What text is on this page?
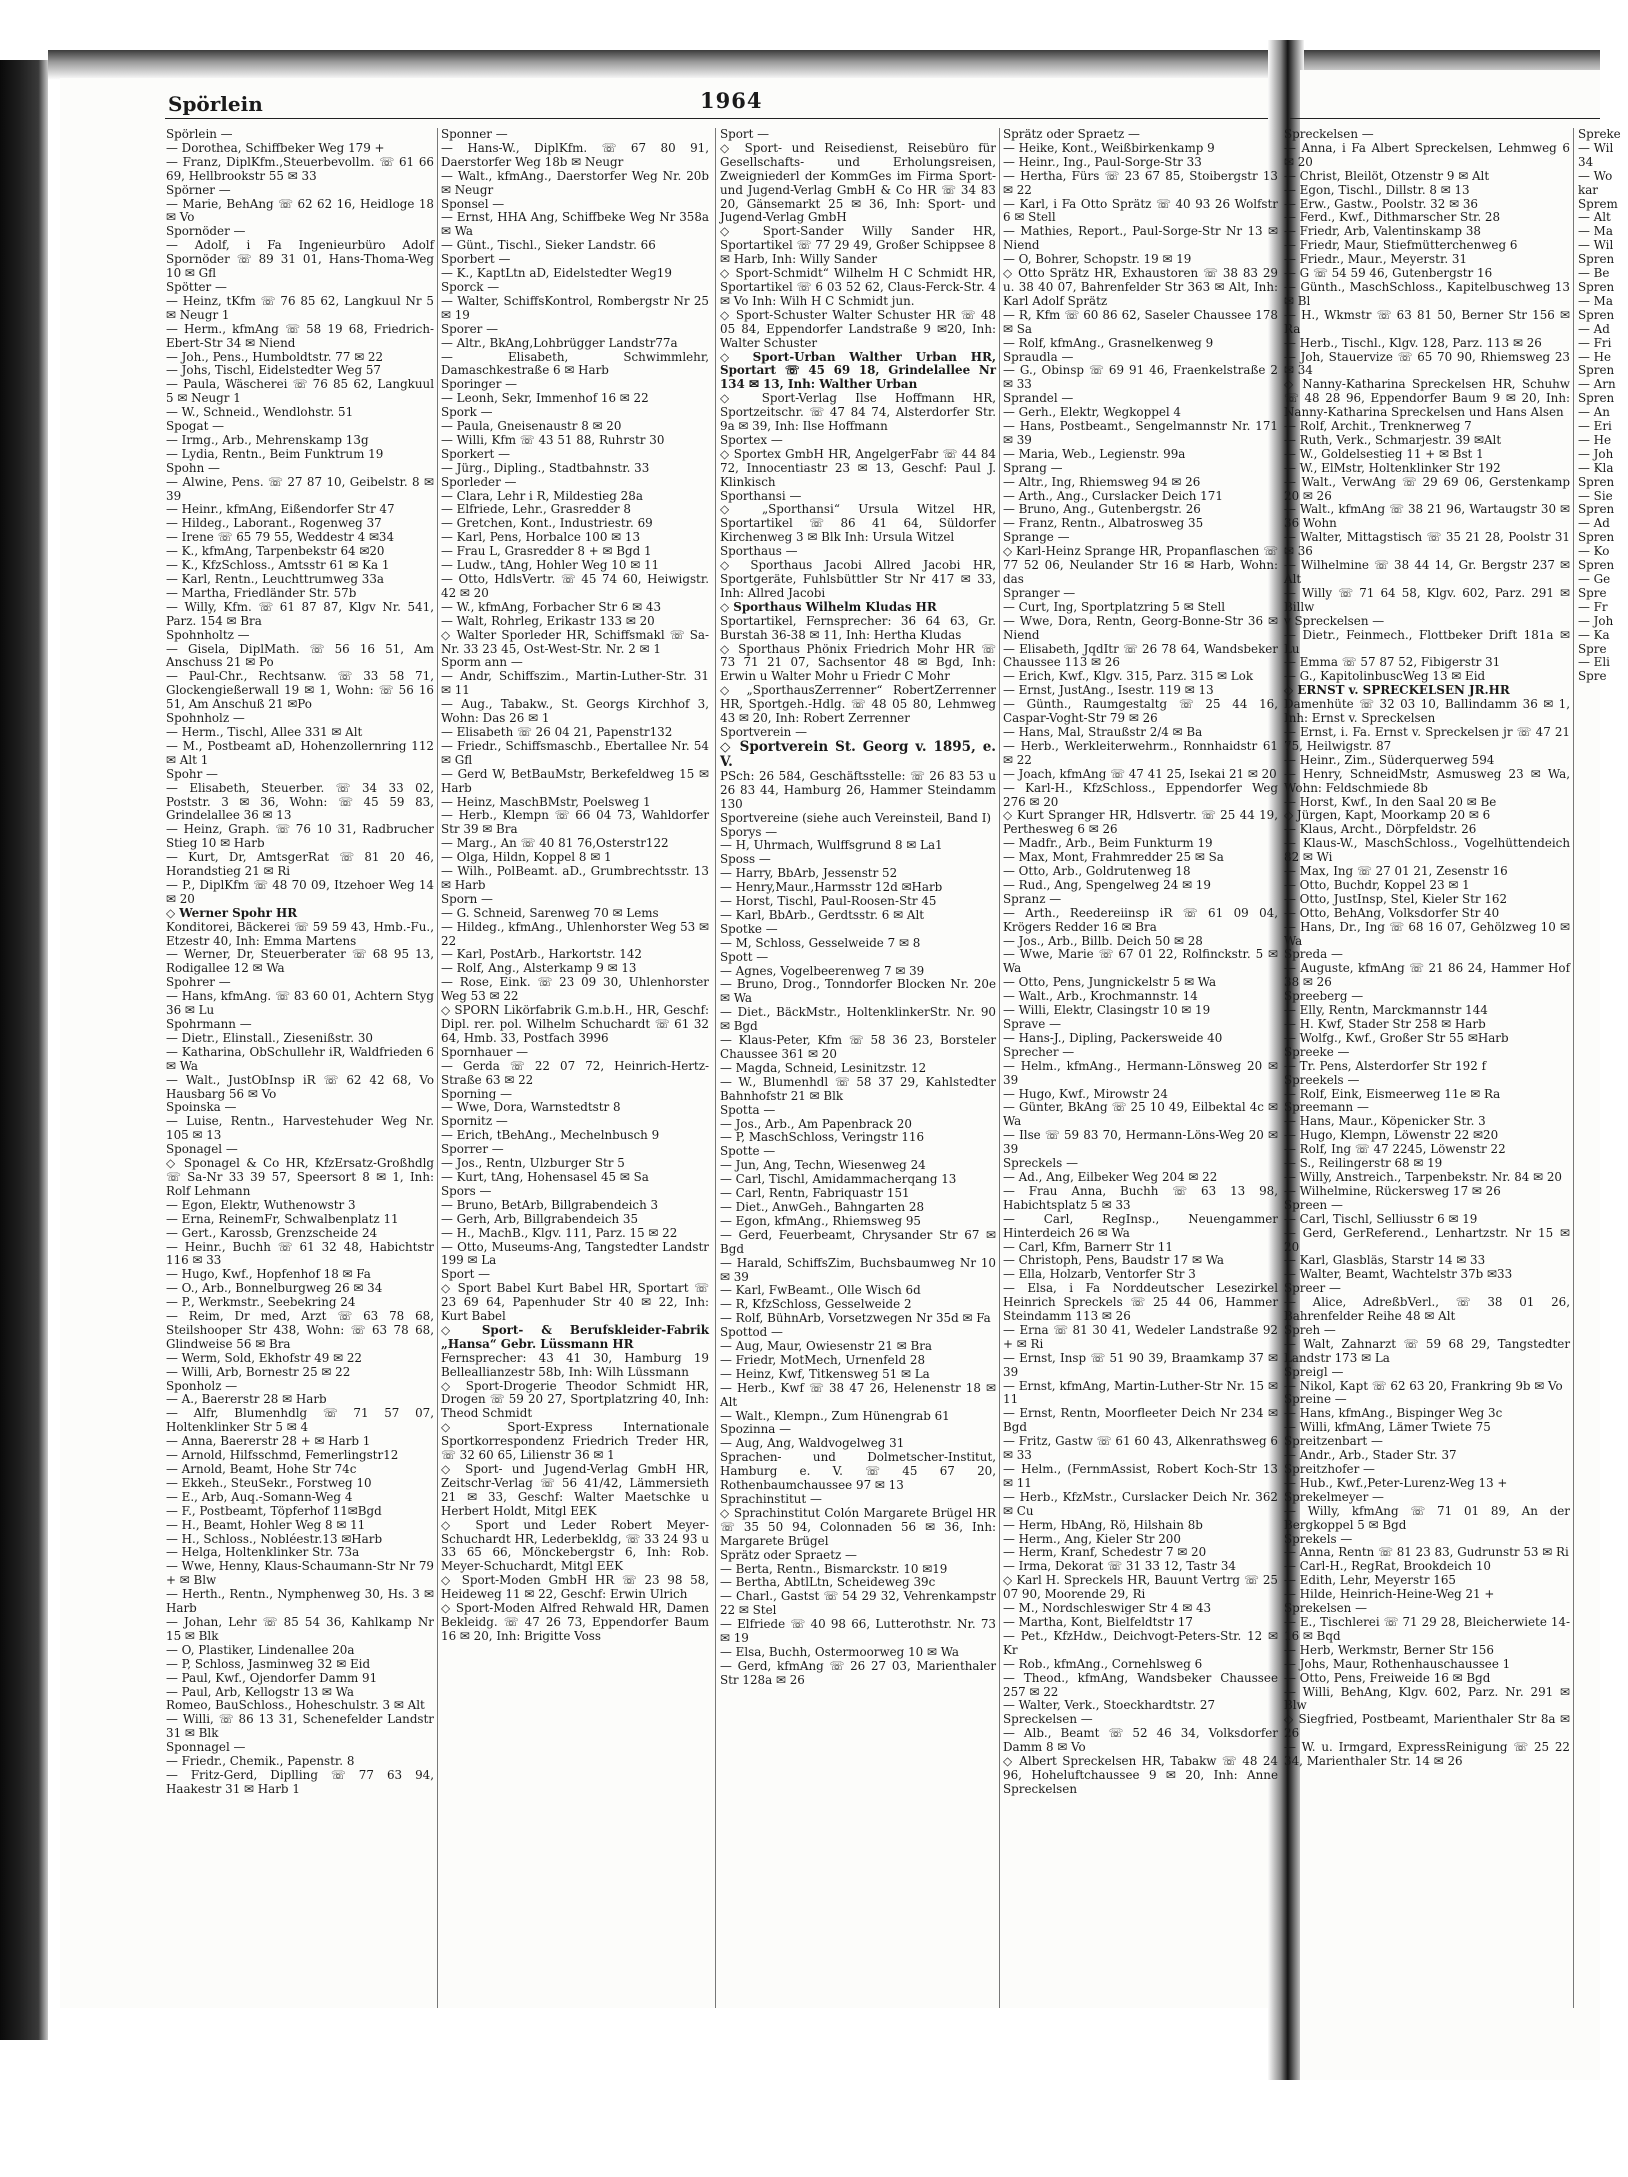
Spörlein	1964

Spörlein —

— Dorothea, Schiffbeker Weg 179 +

— Franz, DiplKfm.,Steuerbevollm. ☏ 61 66 69, Hellbrookstr 55 ✉ 33

Spörner —

— Marie, BehAng ☏ 62 62 16, Heidloge 18 ✉ Vo

Spornöder —

— Adolf, i Fa Ingenieurbüro Adolf Spornöder ☏ 89 31 01, Hans-Thoma-Weg 10 ✉ Gfl

Spötter —

— Heinz, tKfm ☏ 76 85 62, Langkuul Nr 5 ✉ Neugr 1

— Herm., kfmAng ☏ 58 19 68, Friedrich-Ebert-Str 34 ✉ Niend

— Joh., Pens., Humboldtstr. 77 ✉ 22

— Johs, Tischl, Eidelstedter Weg 57

— Paula, Wäscherei ☏ 76 85 62, Langkuul 5 ✉ Neugr 1

— W., Schneid., Wendlohstr. 51

Spogat —

— Irmg., Arb., Mehrenskamp 13g

— Lydia, Rentn., Beim Funktrum 19

Spohn —

— Alwine, Pens. ☏ 27 87 10, Geibelstr. 8 ✉ 39

— Heinr., kfmAng, Eißendorfer Str 47

— Hildeg., Laborant., Rogenweg 37

— Irene ☏ 65 79 55, Weddestr 4 ✉34

— K., kfmAng, Tarpenbekstr 64 ✉20

— K., KfzSchloss., Amtsstr 61 ✉ Ka 1

— Karl, Rentn., Leuchttrumweg 33a

— Martha, Friedländer Str. 57b

— Willy, Kfm. ☏ 61 87 87, Klgv Nr. 541, Parz. 154 ✉ Bra

Spohnholtz —

— Gisela, DiplMath. ☏ 56 16 51, Am Anschuss 21 ✉ Po

— Paul-Chr., Rechtsanw. ☏ 33 58 71, Glockengießerwall 19 ✉ 1, Wohn: ☏ 56 16 51, Am Anschuß 21 ✉Po

Spohnholz —

— Herm., Tischl, Allee 331 ✉ Alt

— M., Postbeamt aD, Hohenzollernring 112 ✉ Alt 1

Spohr —

— Elisabeth, Steuerber. ☏ 34 33 02, Poststr. 3 ✉ 36, Wohn: ☏ 45 59 83, Grindelallee 36 ✉ 13

— Heinz, Graph. ☏ 76 10 31, Radbrucher Stieg 10 ✉ Harb

— Kurt, Dr, AmtsgerRat ☏ 81 20 46, Horandstieg 21 ✉ Ri

— P., DiplKfm ☏ 48 70 09, Itzehoer Weg 14 ✉ 20

◇ Werner Spohr HR

Konditorei, Bäckerei ☏ 59 59 43, Hmb.-Fu., Etzestr 40, Inh: Emma Martens

— Werner, Dr, Steuerberater ☏ 68 95 13, Rodigallee 12 ✉ Wa

Spohrer —

— Hans, kfmAng. ☏ 83 60 01, Achtern Styg 36 ✉ Lu

Spohrmann —

— Dietr., Elinstall., Ziesenißstr. 30

— Katharina, ObSchullehr iR, Waldfrieden 6 ✉ Wa

— Walt., JustObInsp iR ☏ 62 42 68, Vo Hausbarg 56 ✉ Vo

Spoinska —

— Luise, Rentn., Harvestehuder Weg Nr. 105 ✉ 13

Sponagel —

◇ Sponagel & Co HR, KfzErsatz-Großhdlg ☏ Sa-Nr 33 39 57, Speersort 8 ✉ 1, Inh: Rolf Lehmann

— Egon, Elektr, Wuthenowstr 3

— Erna, ReinemFr, Schwalbenplatz 11

— Gert., Karossb, Grenzscheide 24

— Heinr., Buchh ☏ 61 32 48, Habichtstr 116 ✉ 33

— Hugo, Kwf., Hopfenhof 18 ✉ Fa

— O., Arb., Bonnelburgweg 26 ✉ 34

— P., Werkmstr., Seebekring 24

— Reim, Dr med, Arzt ☏ 63 78 68, Steilshooper Str 438, Wohn: ☏ 63 78 68, Glindweise 56 ✉ Bra

— Werm, Sold, Ekhofstr 49 ✉ 22

— Willi, Arb, Bornestr 25 ✉ 22

Sponholz —

— A., Baererstr 28 ✉ Harb

— Alfr, Blumenhdlg ☏ 71 57 07, Holtenklinker Str 5 ✉ 4

— Anna, Baererstr 28 + ✉ Harb 1

— Arnold, Hilfsschmd, Femerlingstr12

— Arnold, Beamt, Hohe Str 74c

— Ekkeh., SteuSekr., Forstweg 10

— E., Arb, Auq.-Somann-Weg 4

— F., Postbeamt, Töpferhof 11✉Bgd

— H., Beamt, Hohler Weg 8 ✉ 11

— H., Schloss., Nobléestr.13 ✉Harb

— Helga, Holtenklinker Str. 73a

— Wwe, Henny, Klaus-Schaumann-Str Nr 79 + ✉ Blw

— Herth., Rentn., Nymphenweg 30, Hs. 3 ✉ Harb

— Johan, Lehr ☏ 85 54 36, Kahlkamp Nr 15 ✉ Blk

— O, Plastiker, Lindenallee 20a

— P, Schloss, Jasminweg 32 ✉ Eid

— Paul, Kwf., Ojendorfer Damm 91

— Paul, Arb, Kellogstr 13 ✉ Wa

Romeo, BauSchloss., Hoheschulstr. 3 ✉ Alt

— Willi, ☏ 86 13 31, Schenefelder Landstr 31 ✉ Blk

Sponnagel —

— Friedr., Chemik., Papenstr. 8

— Fritz-Gerd, Diplling ☏ 77 63 94, Haakestr 31 ✉ Harb 1

Sponner —

— Hans-W., DiplKfm. ☏ 67 80 91, Daerstorfer Weg 18b ✉ Neugr

— Walt., kfmAng., Daerstorfer Weg Nr. 20b ✉ Neugr

Sponsel —

— Ernst, HHA Ang, Schiffbeke Weg Nr 358a ✉ Wa

— Günt., Tischl., Sieker Landstr. 66

Sporbert —

— K., KaptLtn aD, Eidelstedter Weg19

Sporck —

— Walter, SchiffsKontrol, Rombergstr Nr 25 ✉ 19

Sporer —

— Altr., BkAng,Lohbrügger Landstr77a

— Elisabeth, Schwimmlehr, Damaschkestraße 6 ✉ Harb

Sporinger —

— Leonh, Sekr, Immenhof 16 ✉ 22

Spork —

— Paula, Gneisenaustr 8 ✉ 20

— Willi, Kfm ☏ 43 51 88, Ruhrstr 30

Sporkert —

— Jürg., Dipling., Stadtbahnstr. 33

Sporleder —

— Clara, Lehr i R, Mildestieg 28a

— Elfriede, Lehr., Grasredder 8

— Gretchen, Kont., Industriestr. 69

— Karl, Pens, Horbalce 100 ✉ 13

— Frau L, Grasredder 8 + ✉ Bgd 1

— Ludw., tAng, Hohler Weg 10 ✉ 11

— Otto, HdlsVertr. ☏ 45 74 60, Heiwigstr. 42 ✉ 20

— W., kfmAng, Forbacher Str 6 ✉ 43

— Walt, Rohrleg, Erikastr 133 ✉ 20

◇ Walter Sporleder HR, Schiffsmakl ☏ Sa-Nr. 33 23 45, Ost-West-Str. Nr. 2 ✉ 1

Sporm ann —

— Andr, Schiffszim., Martin-Luther-Str. 31 ✉ 11

— Aug., Tabakw., St. Georgs Kirchhof 3, Wohn: Das 26 ✉ 1

— Elisabeth ☏ 26 04 21, Papenstr132

— Friedr., Schiffsmaschb., Ebertallee Nr. 54 ✉ Gfl

— Gerd W, BetBauMstr, Berkefeldweg 15 ✉ Harb

— Heinz, MaschBMstr, Poelsweg 1

— Herb., Klempn ☏ 66 04 73, Wahldorfer Str 39 ✉ Bra

— Marg., An ☏ 40 81 76,Osterstr122

— Olga, Hildn, Koppel 8 ✉ 1

— Wilh., PolBeamt. aD., Grumbrechtsstr. 13 ✉ Harb

Sporn —

— G. Schneid, Sarenweg 70 ✉ Lems

— Hildeg., kfmAng., Uhlenhorster Weg 53 ✉ 22

— Karl, PostArb., Harkortstr. 142

— Rolf, Ang., Alsterkamp 9 ✉ 13

— Rose, Eink. ☏ 23 09 30, Uhlenhorster Weg 53 ✉ 22

◇ SPORN Likörfabrik G.m.b.H., HR, Geschf: Dipl. rer. pol. Wilhelm Schuchardt ☏ 61 32 64, Hmb. 33, Postfach 3996

Spornhauer —

— Gerda ☏ 22 07 72, Heinrich-Hertz-Straße 63 ✉ 22

Sporning —

— Wwe, Dora, Warnstedtstr 8

Spornitz —

— Erich, tBehAng., Mechelnbusch 9

Sporrer —

— Jos., Rentn, Ulzburger Str 5

— Kurt, tAng, Hohensasel 45 ✉ Sa

Spors —

— Bruno, BetArb, Billgrabendeich 3

— Gerh, Arb, Billgrabendeich 35

— H., MachB., Klgv. 111, Parz. 15 ✉ 22

— Otto, Museums-Ang, Tangstedter Landstr 199 ✉ La

Sport —

◇ Sport Babel Kurt Babel HR, Sportart ☏ 23 69 64, Papenhuder Str 40 ✉ 22, Inh: Kurt Babel

◇ Sport- & Berufskleider-Fabrik „Hansa“ Gebr. Lüssmann HR

Fernsprecher: 43 41 30, Hamburg 19 Belleallianzestr 58b, Inh: Wilh Lüssmann

◇ Sport-Drogerie Theodor Schmidt HR, Drogen ☏ 59 20 27, Sportplatzring 40, Inh: Theod Schmidt

◇ Sport-Express Internationale Sportkorrespondenz Friedrich Treder HR, ☏ 32 60 65, Lilienstr 36 ✉ 1

◇ Sport- und Jugend-Verlag GmbH HR, Zeitschr-Verlag ☏ 56 41/42, Lämmersieth 21 ✉ 33, Geschf: Walter Maetschke u Herbert Holdt, Mitgl EEK

◇ Sport und Leder Robert Meyer-Schuchardt HR, Lederbekldg, ☏ 33 24 93 u 33 65 66, Mönckebergstr 6, Inh: Rob. Meyer-Schuchardt, Mitgl EEK

◇ Sport-Moden GmbH HR ☏ 23 98 58, Heideweg 11 ✉ 22, Geschf: Erwin Ulrich

◇ Sport-Moden Alfred Rehwald HR, Damen Bekleidg. ☏ 47 26 73, Eppendorfer Baum 16 ✉ 20, Inh: Brigitte Voss

Sport —

◇ Sport- und Reisedienst, Reisebüro für Gesellschafts- und Erholungsreisen, Zweigniederl der KommGes im Firma Sport- und Jugend-Verlag GmbH & Co HR ☏ 34 83 20, Gänsemarkt 25 ✉ 36, Inh: Sport- und Jugend-Verlag GmbH

◇ Sport-Sander Willy Sander HR, Sportartikel ☏ 77 29 49, Großer Schippsee 8 ✉ Harb, Inh: Willy Sander

◇ Sport-Schmidt“ Wilhelm H C Schmidt HR, Sportartikel ☏ 6 03 52 62, Claus-Ferck-Str. 4 ✉ Vo Inh: Wilh H C Schmidt jun.

◇ Sport-Schuster Walter Schuster HR ☏ 48 05 84, Eppendorfer Landstraße 9 ✉20, Inh: Walter Schuster

◇ Sport-Urban Walther Urban HR, Sportart ☏ 45 69 18, Grindelallee Nr 134 ✉ 13, Inh: Walther Urban

◇ Sport-Verlag Ilse Hoffmann HR, Sportzeitschr. ☏ 47 84 74, Alsterdorfer Str. 9a ✉ 39, Inh: Ilse Hoffmann

Sportex —

◇ Sportex GmbH HR, AngelgerFabr ☏ 44 84 72, Innocentiastr 23 ✉ 13, Geschf: Paul J. Klinkisch

Sporthansi —

◇ „Sporthansi“ Ursula Witzel HR, Sportartikel ☏ 86 41 64, Süldorfer Kirchenweg 3 ✉ Blk Inh: Ursula Witzel

Sporthaus —

◇ Sporthaus Jacobi Allred Jacobi HR, Sportgeräte, Fuhlsbüttler Str Nr 417 ✉ 33, Inh: Allred Jacobi

◇ Sporthaus Wilhelm Kludas HR

Sportartikel, Fernsprecher: 36 64 63, Gr. Burstah 36-38 ✉ 11, Inh: Hertha Kludas

◇ Sporthaus Phönix Friedrich Mohr HR ☏ 73 71 21 07, Sachsentor 48 ✉ Bgd, Inh: Erwin u Walter Mohr u Friedr C Mohr

◇ „SporthausZerrenner“ RobertZerrenner HR, Sportgeh.-Hdlg. ☏ 48 05 80, Lehmweg 43 ✉ 20, Inh: Robert Zerrenner

Sportverein —

◇ Sportverein St. Georg v. 1895, e. V.

PSch: 26 584, Geschäftsstelle: ☏ 26 83 53 u 26 83 44, Hamburg 26, Hammer Steindamm 130

Sportvereine (siehe auch Vereinsteil, Band I)

Sporys —

— H, Uhrmach, Wulffsgrund 8 ✉ La1

Sposs —

— Harry, BbArb, Jessenstr 52

— Henry,Maur.,Harmsstr 12d ✉Harb

— Horst, Tischl, Paul-Roosen-Str 45

— Karl, BbArb., Gerdtsstr. 6 ✉ Alt

Spotke —

— M, Schloss, Gesselweide 7 ✉ 8

Spott —

— Agnes, Vogelbeerenweg 7 ✉ 39

— Bruno, Drog., Tonndorfer Blocken Nr. 20e ✉ Wa

— Diet., BäckMstr., HoltenklinkerStr. Nr. 90 ✉ Bgd

— Klaus-Peter, Kfm ☏ 58 36 23, Borsteler Chaussee 361 ✉ 20

— Magda, Schneid, Lesinitzstr. 12

— W., Blumenhdl ☏ 58 37 29, Kahlstedter Bahnhofstr 21 ✉ Blk

Spotta —

— Jos., Arb., Am Papenbrack 20

— P, MaschSchloss, Veringstr 116

Spotte —

— Jun, Ang, Techn, Wiesenweg 24

— Carl, Tischl, Amidammacherqang 13

— Carl, Rentn, Fabriquastr 151

— Diet., AnwGeh., Bahngarten 28

— Egon, kfmAng., Rhiemsweg 95

— Gerd, Feuerbeamt, Chrysander Str 67 ✉ Bgd

— Harald, SchiffsZim, Buchsbaumweg Nr 10 ✉ 39

— Karl, FwBeamt., Olle Wisch 6d

— R, KfzSchloss, Gesselweide 2

— Rolf, BühnArb, Vorsetzwegen Nr 35d ✉ Fa

Spottod —

— Aug, Maur, Owiesenstr 21 ✉ Bra

— Friedr, MotMech, Urnenfeld 28

— Heinz, Kwf, Titkensweg 51 ✉ La

— Herb., Kwf ☏ 38 47 26, Helenenstr 18 ✉ Alt

— Walt., Klempn., Zum Hünengrab 61

Spozinna —

— Aug, Ang, Waldvogelweg 31

Sprachen- und Dolmetscher-Institut, Hamburg e. V. ☏ 45 67 20, Rothenbaumchaussee 97 ✉ 13

Sprachinstitut —

◇ Sprachinstitut Colón Margarete Brügel HR ☏ 35 50 94, Colonnaden 56 ✉ 36, Inh: Margarete Brügel

Sprätz oder Spraetz —

— Berta, Rentn., Bismarckstr. 10 ✉19

— Bertha, AbtlLtn, Scheideweg 39c

— Charl., Gastst ☏ 54 29 32, Vehrenkampstr 22 ✉ Stel

— Elfriede ☏ 40 98 66, Lutterothstr. Nr. 73 ✉ 19

— Elsa, Buchh, Ostermoorweg 10 ✉ Wa

— Gerd, kfmAng ☏ 26 27 03, Marienthaler Str 128a ✉ 26

Sprätz oder Spraetz —

— Heike, Kont., Weißbirkenkamp 9

— Heinr., Ing., Paul-Sorge-Str 33

— Hertha, Fürs ☏ 23 67 85, Stoibergstr 13 ✉ 22

— Karl, i Fa Otto Sprätz ☏ 40 93 26 Wolfstr 6 ✉ Stell

— Mathies, Report., Paul-Sorge-Str Nr 13 ✉ Niend

— O, Bohrer, Schopstr. 19 ✉ 19

◇ Otto Sprätz HR, Exhaustoren ☏ 38 83 29 u. 38 40 07, Bahrenfelder Str 363 ✉ Alt, Inh: Karl Adolf Sprätz

— R, Kfm ☏ 60 86 62, Saseler Chaussee 178 ✉ Sa

— Rolf, kfmAng., Grasnelkenweg 9

Spraudla —

— G., Obinsp ☏ 69 91 46, Fraenkelstraße 2 ✉ 33

Sprandel —

— Gerh., Elektr, Wegkoppel 4

— Hans, Postbeamt., Sengelmannstr Nr. 171 ✉ 39

— Maria, Web., Legienstr. 99a

Sprang —

— Altr., Ing, Rhiemsweg 94 ✉ 26

— Arth., Ang., Curslacker Deich 171

— Bruno, Ang., Gutenbergstr. 26

— Franz, Rentn., Albatrosweg 35

Sprange —

◇ Karl-Heinz Sprange HR, Propanflaschen ☏ 77 52 06, Neulander Str 16 ✉ Harb, Wohn: das

Spranger —

— Curt, Ing, Sportplatzring 5 ✉ Stell

— Wwe, Dora, Rentn, Georg-Bonne-Str 36 ✉ Niend

— Elisabeth, JqdItr ☏ 26 78 64, Wandsbeker Chaussee 113 ✉ 26

— Erich, Kwf., Klgv. 315, Parz. 315 ✉ Lok

— Ernst, JustAng., Isestr. 119 ✉ 13

— Günth., Raumgestaltg ☏ 25 44 16, Caspar-Voght-Str 79 ✉ 26

— Hans, Mal, Straußstr 2/4 ✉ Ba

— Herb., Werkleiterwehrm., Ronnhaidstr 61 ✉ 22

— Joach, kfmAng ☏ 47 41 25, Isekai 21 ✉ 20

— Karl-H., KfzSchloss., Eppendorfer Weg 276 ✉ 20

◇ Kurt Spranger HR, Hdlsvertr. ☏ 25 44 19, Perthesweg 6 ✉ 26

— Madfr., Arb., Beim Funkturm 19

— Max, Mont, Frahmredder 25 ✉ Sa

— Otto, Arb., Goldrutenweg 18

— Rud., Ang, Spengelweg 24 ✉ 19

Spranz —

— Arth., Reedereiinsp iR ☏ 61 09 04, Krögers Redder 16 ✉ Bra

— Jos., Arb., Billb. Deich 50 ✉ 28

— Wwe, Marie ☏ 67 01 22, Rolfinckstr. 5 ✉ Wa

— Otto, Pens, Jungnickelstr 5 ✉ Wa

— Walt., Arb., Krochmannstr. 14

— Willi, Elektr, Clasingstr 10 ✉ 19

Sprave —

— Hans-J., Dipling, Packersweide 40

Sprecher —

— Helm., kfmAng., Hermann-Lönsweg 20 ✉ 39

— Hugo, Kwf., Mirowstr 24

— Günter, BkAng ☏ 25 10 49, Eilbektal 4c ✉ Wa

— Ilse ☏ 59 83 70, Hermann-Löns-Weg 20 ✉ 39

Spreckels —

— Ad., Ang, Eilbeker Weg 204 ✉ 22

— Frau Anna, Buchh ☏ 63 13 98, Habichtsplatz 5 ✉ 33

— Carl, RegInsp., Neuengammer Hinterdeich 26 ✉ Wa

— Carl, Kfm, Barnerr Str 11

— Christoph, Pens, Baudstr 17 ✉ Wa

— Ella, Holzarb, Ventorfer Str 3

— Elsa, i Fa Norddeutscher Lesezirkel Heinrich Spreckels ☏ 25 44 06, Hammer Steindamm 113 ✉ 26

— Erna ☏ 81 30 41, Wedeler Landstraße 92 + ✉ Ri

— Ernst, Insp ☏ 51 90 39, Braamkamp 37 ✉ 39

— Ernst, kfmAng, Martin-Luther-Str Nr. 15 ✉ 11

— Ernst, Rentn, Moorfleeter Deich Nr 234 ✉ Bgd

— Fritz, Gastw ☏ 61 60 43, Alkenrathsweg 6 ✉ 33

— Helm., (FernmAssist, Robert Koch-Str 13 ✉ 11

— Herb., KfzMstr., Curslacker Deich Nr. 362 ✉ Cu

— Herm, HbAng, Rö, Hilshain 8b

— Herm., Ang, Kieler Str 200

— Herm, Kranf, Schedestr 7 ✉ 20

— Irma, Dekorat ☏ 31 33 12, Tastr 34

◇ Karl H. Spreckels HR, Bauunt Vertrg ☏ 25 07 90, Moorende 29, Ri

— M., Nordschleswiger Str 4 ✉ 43

— Martha, Kont, Bielfeldtstr 17

— Pet., KfzHdw., Deichvogt-Peters-Str. 12 ✉ Kr

— Rob., kfmAng., Cornehlsweg 6

— Theod., kfmAng, Wandsbeker Chaussee 257 ✉ 22

— Walter, Verk., Stoeckhardtstr. 27

Spreckelsen —

— Alb., Beamt ☏ 52 46 34, Volksdorfer Damm 8 ✉ Vo

◇ Albert Spreckelsen HR, Tabakw ☏ 48 24 96, Hoheluftchaussee 9 ✉ 20, Inh: Anne Spreckelsen

Spreckelsen —

— Anna, i Fa Albert Spreckelsen, Lehmweg 6 ✉ 20

— Christ, Bleilöt, Otzenstr 9 ✉ Alt

— Egon, Tischl., Dillstr. 8 ✉ 13

— Erw., Gastw., Poolstr. 32 ✉ 36

— Ferd., Kwf., Dithmarscher Str. 28

— Friedr, Arb, Valentinskamp 38

— Friedr, Maur, Stiefmütterchenweg 6

— Friedr., Maur., Meyerstr. 31

— G ☏ 54 59 46, Gutenbergstr 16

— Günth., MaschSchloss., Kapitelbuschweg 13 ✉ Bl

— H., Wkmstr ☏ 63 81 50, Berner Str 156 ✉ Ra

— Herb., Tischl., Klgv. 128, Parz. 113 ✉ 26

— Joh, Stauervize ☏ 65 70 90, Rhiemsweg 23 ✉ 34

◇ Nanny-Katharina Spreckelsen HR, Schuhw ☏ 48 28 96, Eppendorfer Baum 9 ✉ 20, Inh: Nanny-Katharina Spreckelsen und Hans Alsen

— Rolf, Archit., Trenknerweg 7

— Ruth, Verk., Schmarjestr. 39 ✉Alt

— W., Goldelsestieg 11 + ✉ Bst 1

— W., ElMstr, Holtenklinker Str 192

— Walt., VerwAng ☏ 29 69 06, Gerstenkamp 20 ✉ 26

— Walt., kfmAng ☏ 38 21 96, Wartaugstr 30 ✉ 36 Wohn

— Walter, Mittagstisch ☏ 35 21 28, Poolstr 31 ✉ 36

— Wilhelmine ☏ 38 44 14, Gr. Bergstr 237 ✉ Alt

— Willy ☏ 71 64 58, Klgv. 602, Parz. 291 ✉ Billw

v Spreckelsen —

— Dietr., Feinmech., Flottbeker Drift 181a ✉ Lu

— Emma ☏ 57 87 52, Fibigerstr 31

— G., KapitolinbuscWeg 13 ✉ Eid

◇ ERNST v. SPRECKELSEN JR.HR

Damenhüte ☏ 32 03 10, Ballindamm 36 ✉ 1, Inh: Ernst v. Spreckelsen

— Ernst, i. Fa. Ernst v. Spreckelsen jr ☏ 47 21 75, Heilwigstr. 87

— Heinr., Zim., Süderquerweg 594

— Henry, SchneidMstr, Asmusweg 23 ✉ Wa, Wohn: Feldschmiede 8b

— Horst, Kwf., In den Saal 20 ✉ Be

◇ Jürgen, Kapt, Moorkamp 20 ✉ 6

— Klaus, Archt., Dörpfeldstr. 26

— Klaus-W., MaschSchloss., Vogelhüttendeich 82 ✉ Wi

— Max, Ing ☏ 27 01 21, Zesenstr 16

— Otto, Buchdr, Koppel 23 ✉ 1

— Otto, JustInsp, Stel, Kieler Str 162

— Otto, BehAng, Volksdorfer Str 40

— Hans, Dr., Ing ☏ 68 16 07, Gehölzweg 10 ✉ Wa

Spreda —

— Auguste, kfmAng ☏ 21 86 24, Hammer Hof 38 ✉ 26

Spreeberg —

— Elly, Rentn, Marckmannstr 144

— H. Kwf, Stader Str 258 ✉ Harb

— Wolfg., Kwf., Großer Str 55 ✉Harb

Spreeke —

— Tr. Pens, Alsterdorfer Str 192 f

Spreekels —

— Rolf, Eink, Eismeerweg 11e ✉ Ra

Spreemann —

— Hans, Maur., Köpenicker Str. 3

— Hugo, Klempn, Löwenstr 22 ✉20

— Rolf, Ing ☏ 47 2245, Löwenstr 22

— S., Reilingerstr 68 ✉ 19

— Willy, Anstreich., Tarpenbekstr. Nr. 84 ✉ 20

— Wilhelmine, Rückersweg 17 ✉ 26

Spreen —

— Carl, Tischl, Selliusstr 6 ✉ 19

— Gerd, GerReferend., Lenhartzstr. Nr 15 ✉ 20

— Karl, Glasbläs, Starstr 14 ✉ 33

— Walter, Beamt, Wachtelstr 37b ✉33

Spreer —

— Alice, AdreßbVerl., ☏ 38 01 26, Bahrenfelder Reihe 48 ✉ Alt

Spreh —

— Walt, Zahnarzt ☏ 59 68 29, Tangstedter Landstr 173 ✉ La

Spreigl —

— Nikol, Kapt ☏ 62 63 20, Frankring 9b ✉ Vo

Spreine —

— Hans, kfmAng., Bispinger Weg 3c

— Willi, kfmAng, Lämer Twiete 75

Spreitzenbart —

— Andr., Arb., Stader Str. 37

Spreitzhofer —

— Hub., Kwf.,Peter-Lurenz-Weg 13 +

Sprekelmeyer —

— Willy, kfmAng ☏ 71 01 89, An der Bergkoppel 5 ✉ Bgd

Sprekels —

— Anna, Rentn ☏ 81 23 83, Gudrunstr 53 ✉ Ri

— Carl-H., RegRat, Brookdeich 10

— Edith, Lehr, Meyerstr 165

— Hilde, Heinrich-Heine-Weg 21 +

Sprekelsen —

— E., Tischlerei ☏ 71 29 28, Bleicherwiete 14-16 ✉ Bqd

— Herb, Werkmstr, Berner Str 156

— Johs, Maur, Rothenhauschaussee 1

— Otto, Pens, Freiweide 16 ✉ Bgd

— Willi, BehAng, Klgv. 602, Parz. Nr. 291 ✉ Blw

◇ Siegfried, Postbeamt, Marienthaler Str 8a ✉ 26

— W. u. Irmgard, ExpressReinigung ☏ 25 22 34, Marienthaler Str. 14 ✉ 26

Spreke

— Wil

34

— Wo

kar

Sprem

— Alt

— Ma

— Wil

Spren

— Be

Spren

— Ma

Spren

— Ad

— Fri

— He

Spren

— Arn

Spren

— An

— Eri

— He

— Joh

— Kla

Spren

— Sie

Spren

— Ad

Spren

— Ko

Spren

— Ge

Spre

— Fr

— Joh

— Ka

Spre

— Eli

Spre
